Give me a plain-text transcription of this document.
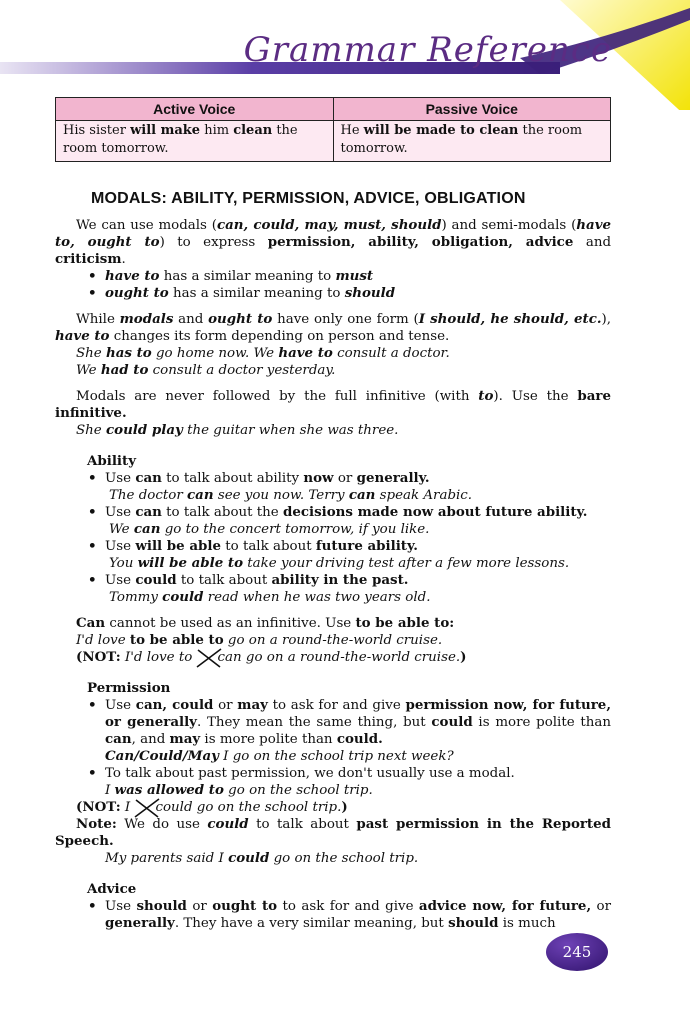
Grammar Reference
Active Voice	Passive Voice
His sister will make him clean the room tomorrow.	He will be made to clean the room tomorrow.
MODALS: ABILITY, PERMISSION, ADVICE, OBLIGATION

We can use modals (can, could, may, must, should) and semi-modals (have to, ought to) to express permission, ability, obligation, advice and criticism.

• have to has a similar meaning to must
• ought to has a similar meaning to should

While modals and ought to have only one form (I should, he should, etc.), have to changes its form depending on person and tense.

She has to go home now. We have to consult a doctor.

We had to consult a doctor yesterday.

Modals are never followed by the full infinitive (with to). Use the bare infinitive.

She could play the guitar when she was three.

Ability

• Use can to talk about ability now or generally.

The doctor can see you now. Terry can speak Arabic.

• Use can to talk about the decisions made now about future ability.

We can go to the concert tomorrow, if you like.

• Use will be able to talk about future ability.

You will be able to take your driving test after a few more lessons.

• Use could to talk about ability in the past.

Tommy could read when he was two years old.

Can cannot be used as an infinitive. Use to be able to:

I'd love to be able to go on a round-the-world cruise.

(NOT: I'd love to can
go on a round-the-world cruise.)

Permission

• Use can, could or may to ask for and give permission now, for future, or generally. They mean the same thing, but could is more polite than can, and may is more polite than could.

Can/Could/May I go on the school trip next week?

• To talk about past permission, we don't usually use a modal.

I was allowed to go on the school trip.

(NOT: I could
go on the school trip.)

Note: We do use could to talk about past permission in the Reported Speech.

My parents said I could go on the school trip.

Advice

• Use should or ought to to ask for and give advice now, for future, or generally. They have a very similar meaning, but should is much
245
